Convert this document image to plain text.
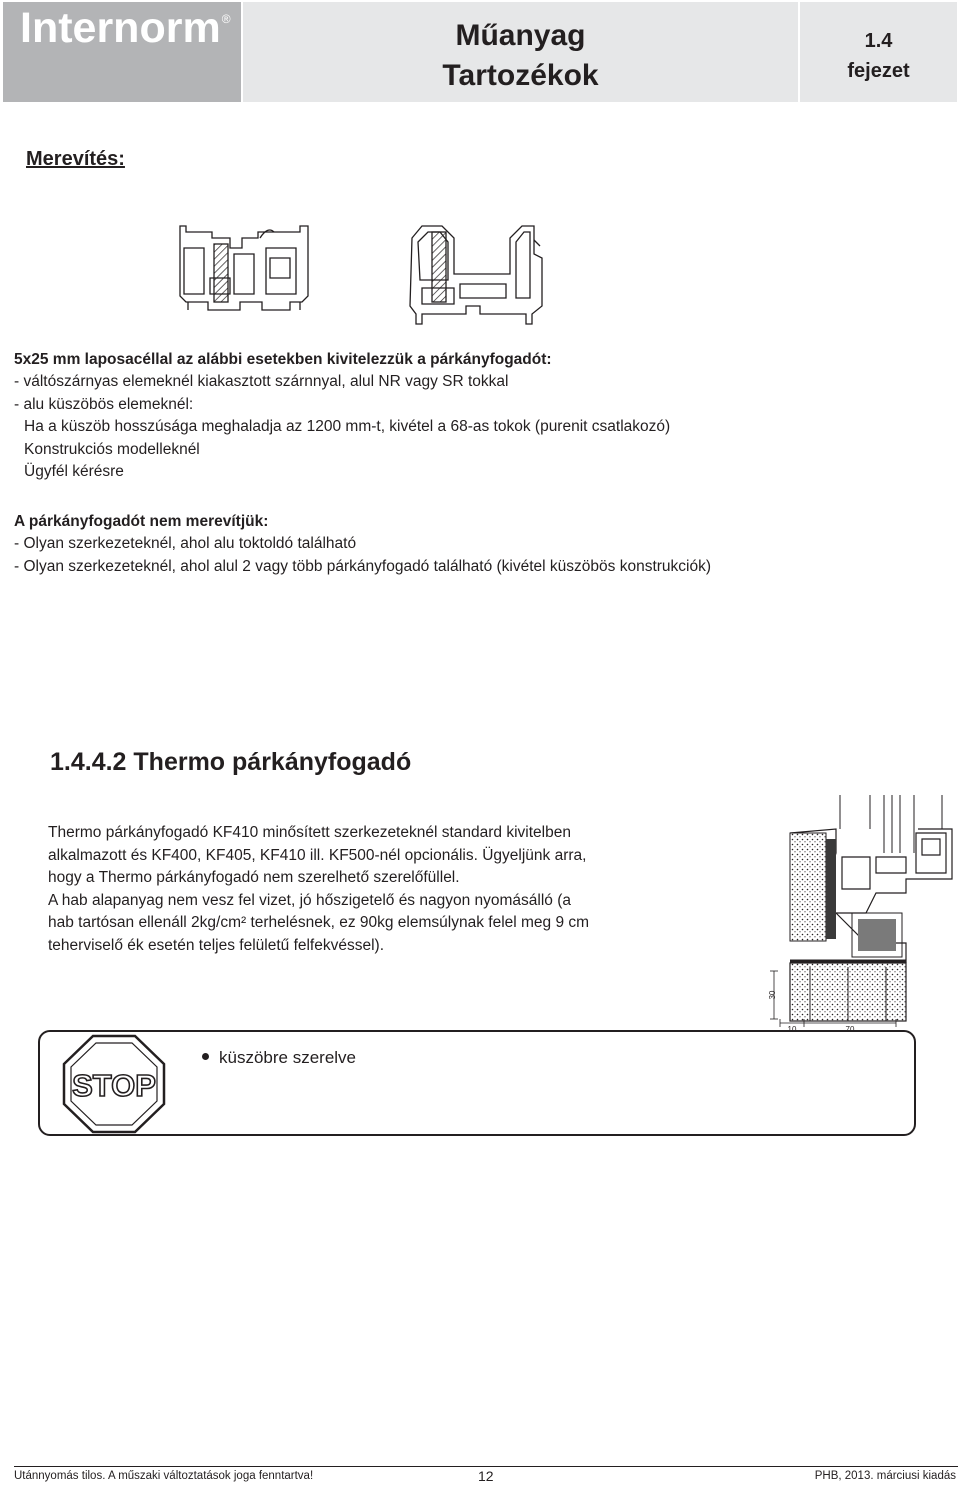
Internorm®	Műanyag
Tartozékok
1.4
fejezet
Merevítés:
5x25 mm laposacéllal az alábbi esetekben kivitelezzük a párkányfogadót:
- váltószárnyas elemeknél kiakasztott szárnnyal, alul NR vagy SR tokkal
- alu küszöbös elemeknél:
Ha a küszöb hosszúsága meghaladja az 1200 mm-t, kivétel a 68-as tokok (purenit csatlakozó)
Konstrukciós modelleknél
Ügyfél kérésre
A párkányfogadót nem merevítjük:
- Olyan szerkezeteknél, ahol alu toktoldó található
- Olyan szerkezeteknél, ahol alul 2 vagy több párkányfogadó található (kivétel küszöbös konstrukciók)
1.4.4.2 Thermo párkányfogadó
Thermo párkányfogadó KF410 minősített szerkezeteknél standard kivitelben
alkalmazott és KF400, KF405, KF410 ill. KF500-nél opcionális. Ügyeljünk arra,
hogy a Thermo párkányfogadó nem szerelhető szerelőfüllel.
A hab alapanyag nem vesz fel vizet, jó hőszigetelő és nagyon nyomásálló (a
hab tartósan ellenáll 2kg/cm² terhelésnek, ez 90kg elemsúlynak felel meg 9 cm
teherviselő ék esetén teljes felületű felfekvéssel).
30
STOP
küszöbre szerelve
Utánnyomás tilos. A műszaki változtatások joga fenntartva!	12	PHB, 2013. márciusi kiadás
